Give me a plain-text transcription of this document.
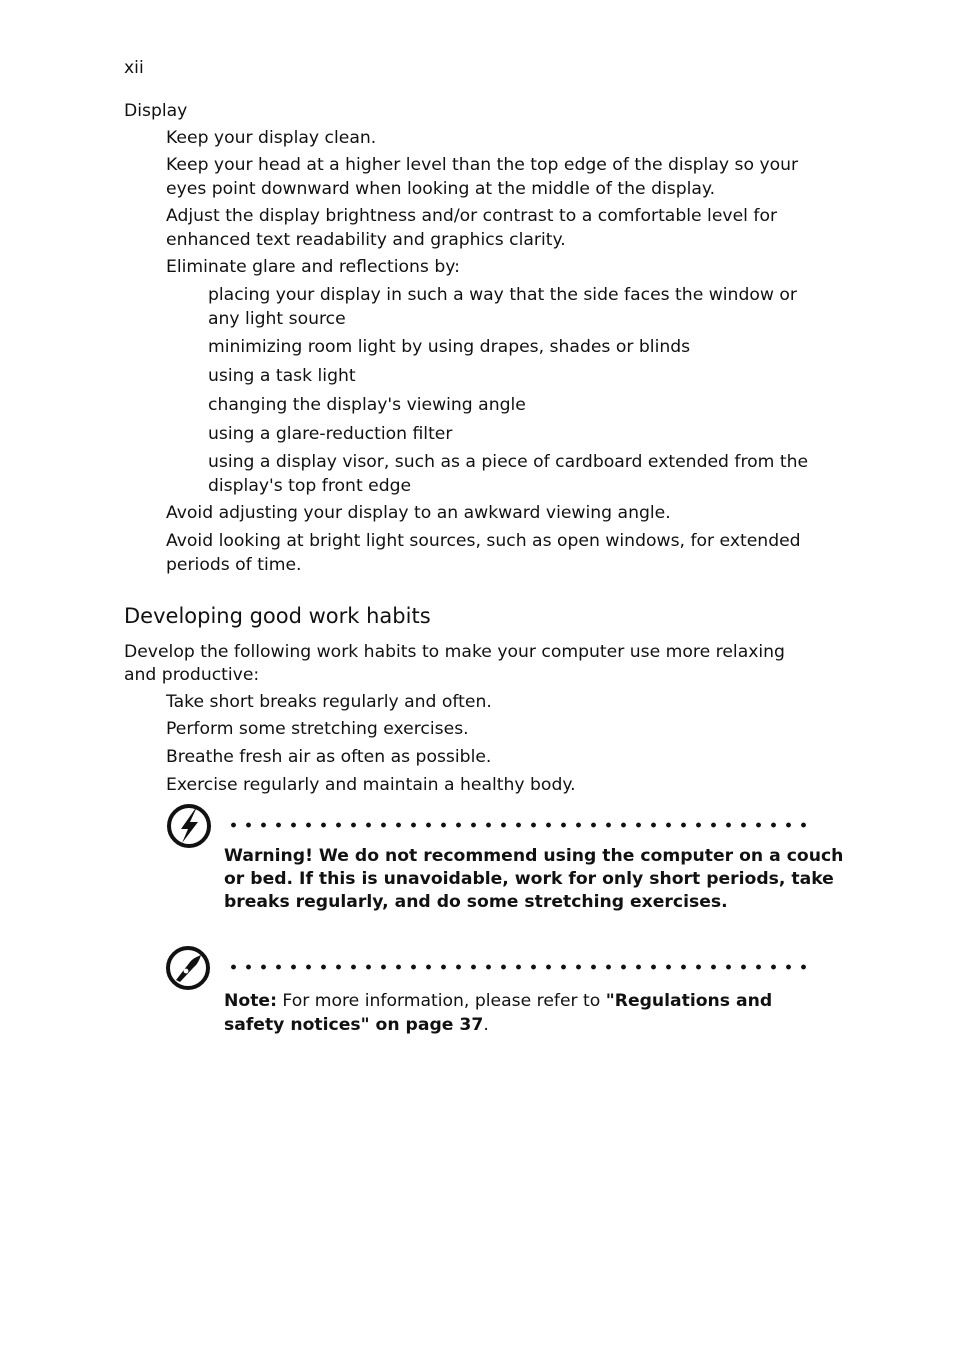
xii

Display

Keep your display clean.

Keep your head at a higher level than the top edge of the display so your

eyes point downward when looking at the middle of the display.

Adjust the display brightness and/or contrast to a comfortable level for

enhanced text readability and graphics clarity.

Eliminate glare and reflections by:

placing your display in such a way that the side faces the window or

any light source

minimizing room light by using drapes, shades or blinds

using a task light

changing the display's viewing angle

using a glare-reduction filter

using a display visor, such as a piece of cardboard extended from the

display's top front edge

Avoid adjusting your display to an awkward viewing angle.

Avoid looking at bright light sources, such as open windows, for extended

periods of time.

Developing good work habits

Develop the following work habits to make your computer use more relaxing

and productive:

Take short breaks regularly and often.

Perform some stretching exercises.

Breathe fresh air as often as possible.

Exercise regularly and maintain a healthy body.

Warning! We do not recommend using the computer on a couch

or bed. If this is unavoidable, work for only short periods, take

breaks regularly, and do some stretching exercises.

Note: For more information, please refer to "Regulations and

safety notices" on page 37.
